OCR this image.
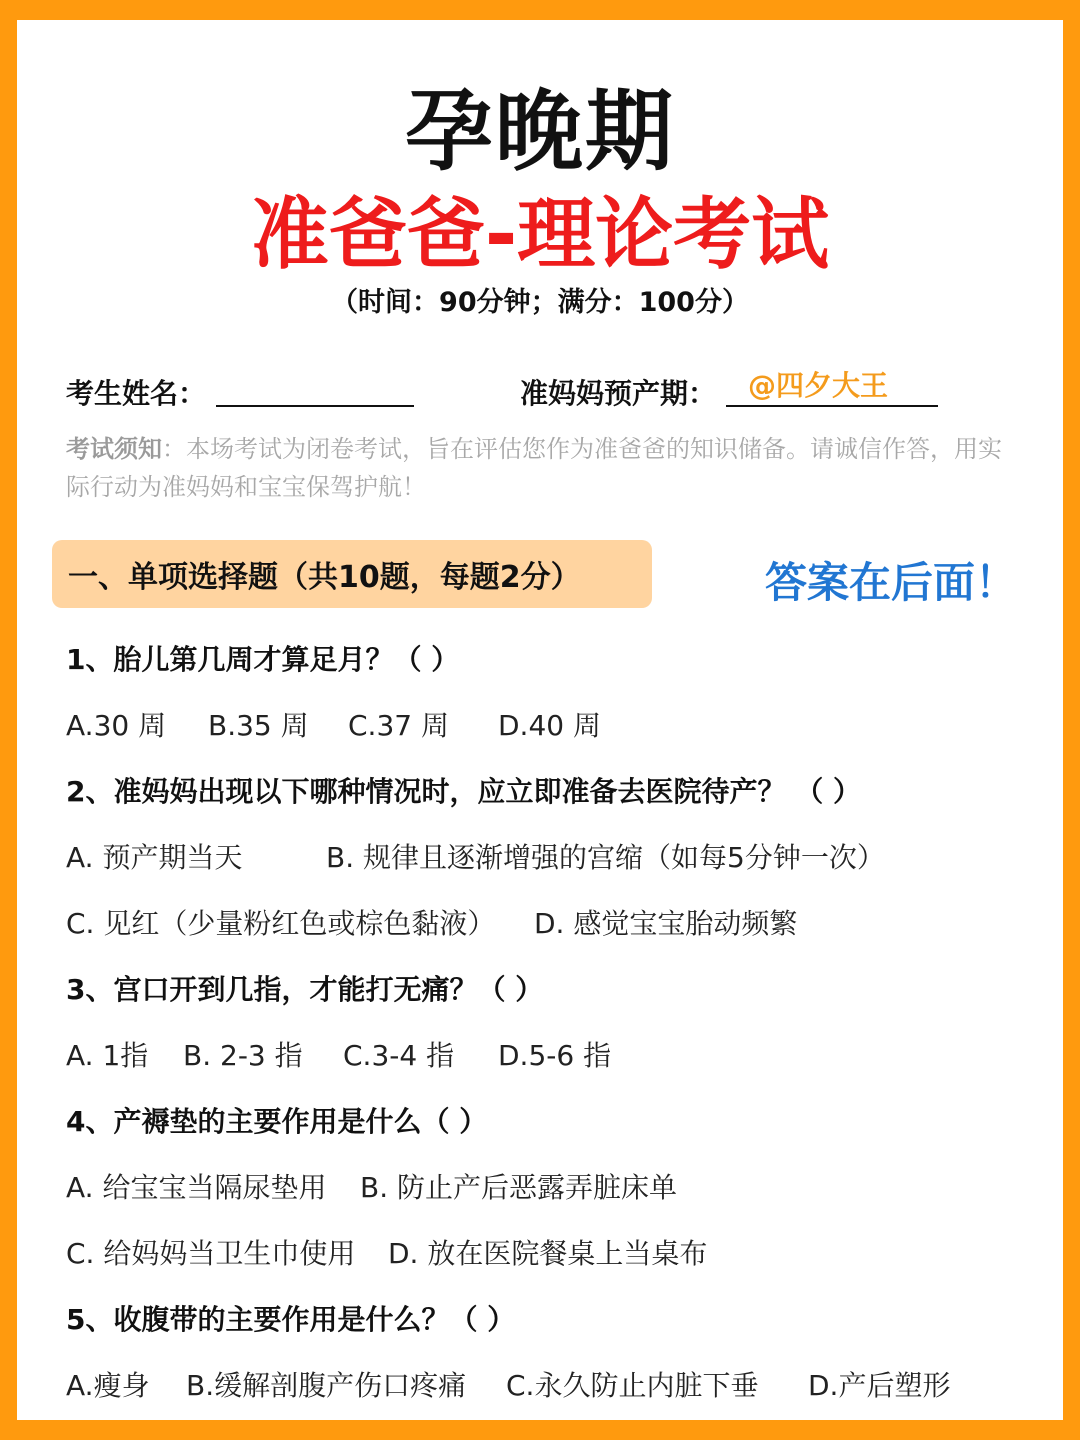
孕晚期
准爸爸-理论考试
（时间：90分钟；满分：100分）
考生姓名：	准妈妈预产期： @四夕大王
考试须知：本场考试为闭卷考试，旨在评估您作为准爸爸的知识储备。请诚信作答，用实际行动为准妈妈和宝宝保驾护航！
一、单项选择题（共10题，每题2分）	答案在后面！
1、胎儿第几周才算足月？（ ）
A.30 周 B.35 周 C.37 周 D.40 周
2、准妈妈出现以下哪种情况时，应立即准备去医院待产？ （ ）
A. 预产期当天	B. 规律且逐渐增强的宫缩（如每5分钟一次）
C. 见红（少量粉红色或棕色黏液） D. 感觉宝宝胎动频繁
3、宫口开到几指，才能打无痛？（ ）
A. 1指 B. 2-3 指 C.3-4 指 D.5-6 指
4、产褥垫的主要作用是什么（ ）
A. 给宝宝当隔尿垫用 B. 防止产后恶露弄脏床单
C. 给妈妈当卫生巾使用 D. 放在医院餐桌上当桌布
5、收腹带的主要作用是什么？（ ）
A.瘦身 B.缓解剖腹产伤口疼痛 C.永久防止内脏下垂 D.产后塑形
